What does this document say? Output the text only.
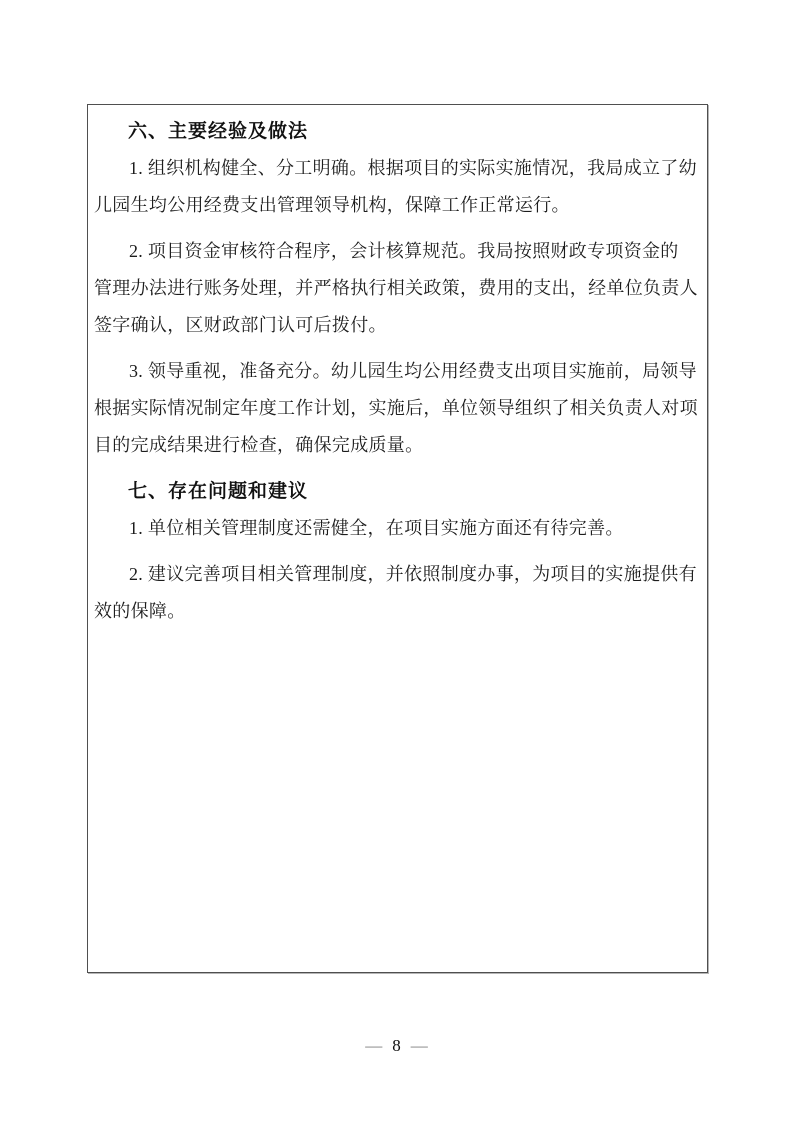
六、主要经验及做法
1. 组织机构健全、分工明确。根据项目的实际实施情况，我局成立了幼
儿园生均公用经费支出管理领导机构，保障工作正常运行。
2. 项目资金审核符合程序，会计核算规范。我局按照财政专项资金的
管理办法进行账务处理，并严格执行相关政策，费用的支出，经单位负责人
签字确认，区财政部门认可后拨付。
3. 领导重视，准备充分。幼儿园生均公用经费支出项目实施前，局领导
根据实际情况制定年度工作计划，实施后，单位领导组织了相关负责人对项
目的完成结果进行检查，确保完成质量。
七、存在问题和建议
1. 单位相关管理制度还需健全，在项目实施方面还有待完善。
2. 建议完善项目相关管理制度，并依照制度办事，为项目的实施提供有
效的保障。
— 8 —
